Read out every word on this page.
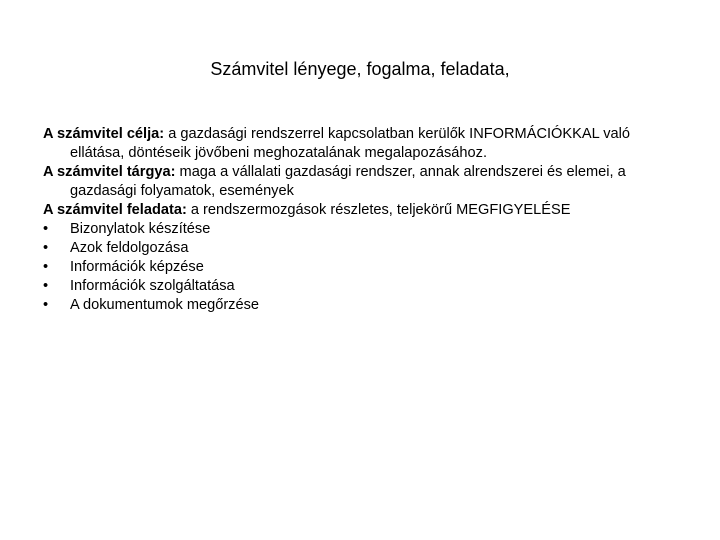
Számvitel lényege, fogalma, feladata,

A számvitel célja: a gazdasági rendszerrel kapcsolatban kerülők INFORMÁCIÓKKAL való ellátása, döntéseik jövőbeni meghozatalának megalapozásához.

A számvitel tárgya: maga a vállalati gazdasági rendszer, annak alrendszerei és elemei, a gazdasági folyamatok, események

A számvitel feladata: a rendszermozgások részletes, teljekörű MEGFIGYELÉSE

•	Bizonylatok készítése
•	Azok feldolgozása
•	Információk képzése
•	Információk szolgáltatása
•	A dokumentumok megőrzése
